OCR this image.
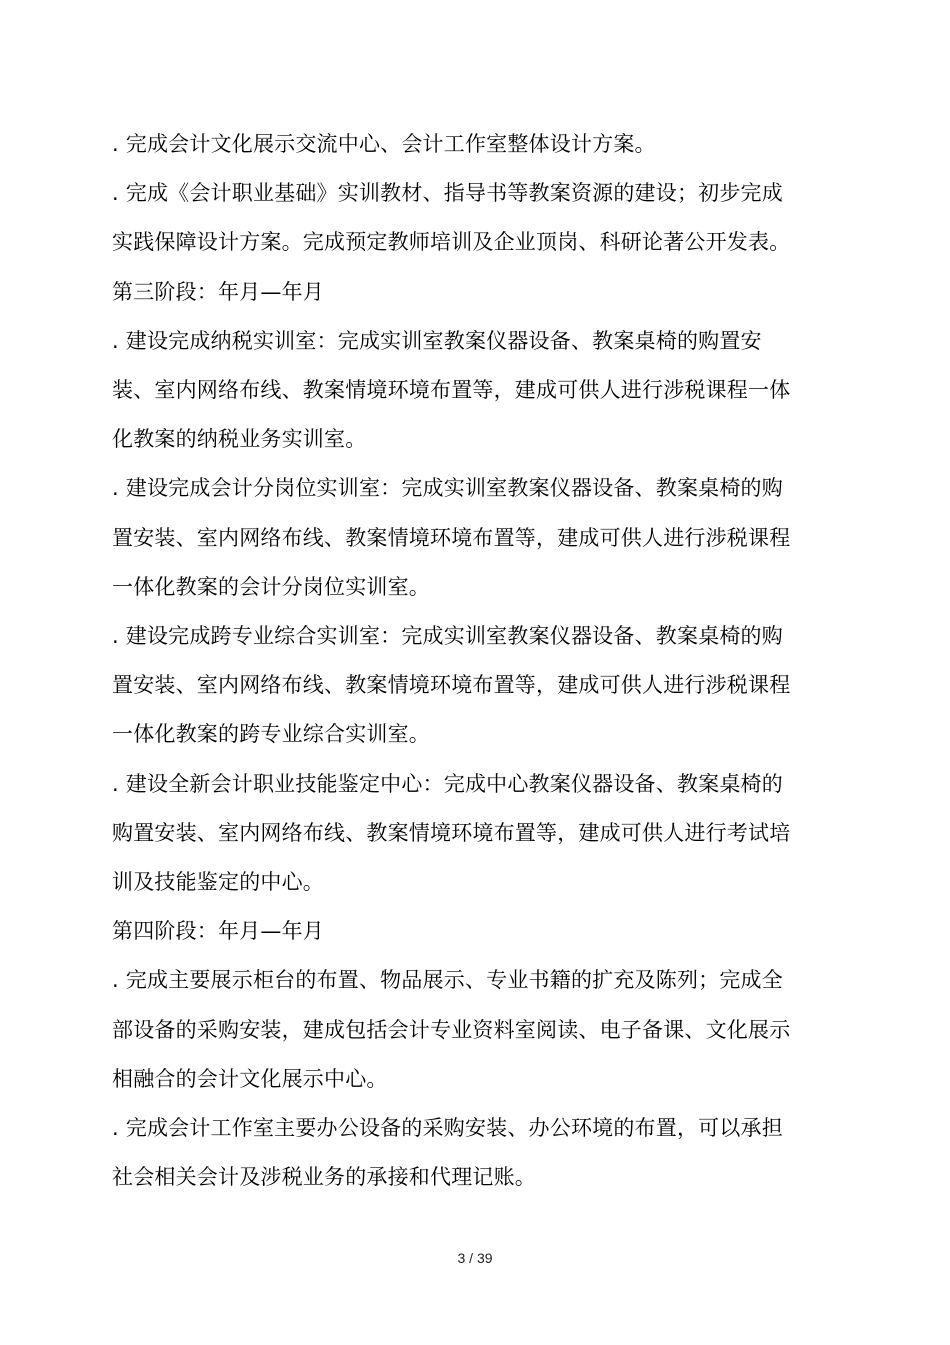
. 完成会计文化展示交流中心、会计工作室整体设计方案。

. 完成《会计职业基础》实训教材、指导书等教案资源的建设；初步完成实践保障设计方案。完成预定教师培训及企业顶岗、科研论著公开发表。

第三阶段：年月—年月

. 建设完成纳税实训室：完成实训室教案仪器设备、教案桌椅的购置安装、室内网络布线、教案情境环境布置等，建成可供人进行涉税课程一体化教案的纳税业务实训室。

. 建设完成会计分岗位实训室：完成实训室教案仪器设备、教案桌椅的购置安装、室内网络布线、教案情境环境布置等，建成可供人进行涉税课程一体化教案的会计分岗位实训室。

. 建设完成跨专业综合实训室：完成实训室教案仪器设备、教案桌椅的购置安装、室内网络布线、教案情境环境布置等，建成可供人进行涉税课程一体化教案的跨专业综合实训室。

. 建设全新会计职业技能鉴定中心：完成中心教案仪器设备、教案桌椅的购置安装、室内网络布线、教案情境环境布置等，建成可供人进行考试培训及技能鉴定的中心。

第四阶段：年月—年月

. 完成主要展示柜台的布置、物品展示、专业书籍的扩充及陈列；完成全部设备的采购安装，建成包括会计专业资料室阅读、电子备课、文化展示相融合的会计文化展示中心。

. 完成会计工作室主要办公设备的采购安装、办公环境的布置，可以承担社会相关会计及涉税业务的承接和代理记账。

3 / 39
